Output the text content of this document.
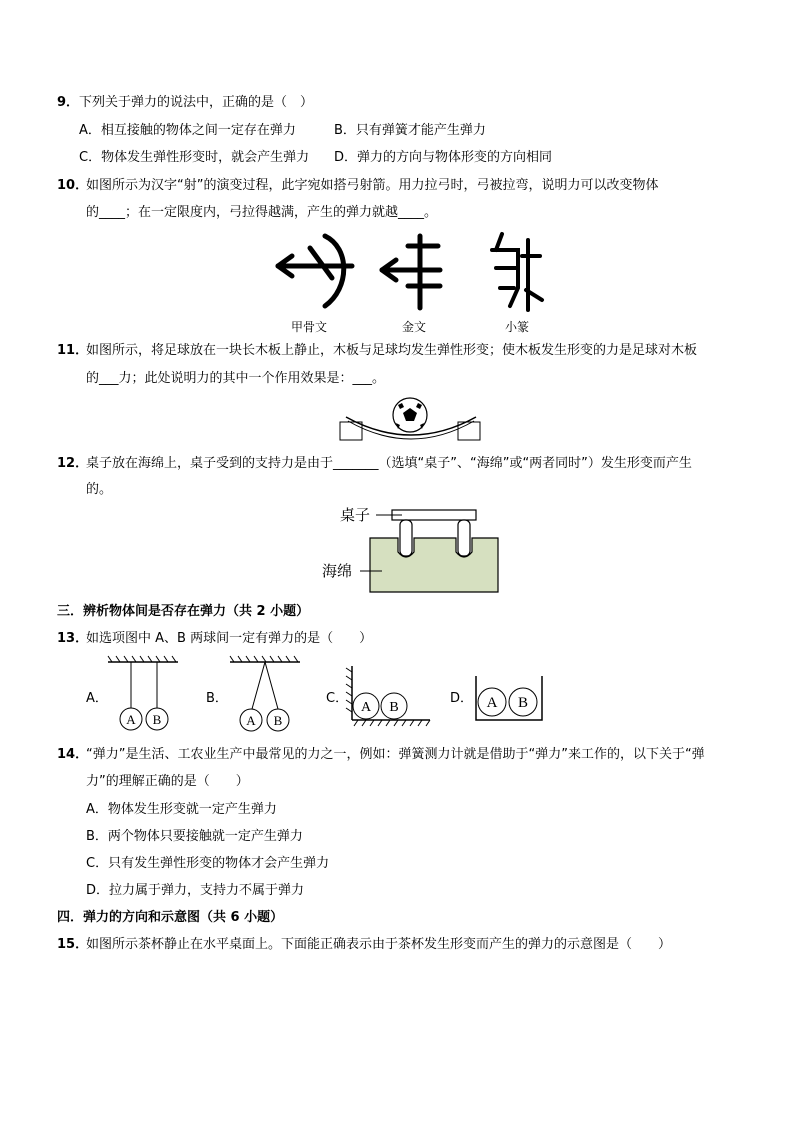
9． 下列关于弹力的说法中，正确的是（　）
A．相互接触的物体之间一定存在弹力	B．只有弹簧才能产生弹力
C．物体发生弹性形变时，就会产生弹力 D．弹力的方向与物体形变的方向相同
10．
如图所示为汉字“射”的演变过程，此字宛如搭弓射箭。用力拉弓时，弓被拉弯，说明力可以改变物体
的____；在一定限度内，弓拉得越满，产生的弹力就越____。
甲骨文	金文	小篆
11．
如图所示，将足球放在一块长木板上静止，木板与足球均发生弹性形变；使木板发生形变的力是足球对木板
的___力；此处说明力的其中一个作用效果是：___。
12．
桌子放在海绵上，桌子受到的支持力是由于_______（选填“桌子”、“海绵”或“两者同时”）发生形变而产生
的。
桌子
海绵
三．辨析物体间是否存在弹力（共 2 小题）
13．
如选项图中 A、B 两球间一定有弹力的是（　　）
A．
A B
B．
A B
C．
A B
D． A B
14．
“弹力”是生活、工农业生产中最常见的力之一，例如：弹簧测力计就是借助于“弹力”来工作的，以下关于“弹
力”的理解正确的是（　　）
A．物体发生形变就一定产生弹力
B．两个物体只要接触就一定产生弹力
C．只有发生弹性形变的物体才会产生弹力
D．拉力属于弹力，支持力不属于弹力
四．弹力的方向和示意图（共 6 小题）
15．
如图所示茶杯静止在水平桌面上。下面能正确表示由于茶杯发生形变而产生的弹力的示意图是（　　）
